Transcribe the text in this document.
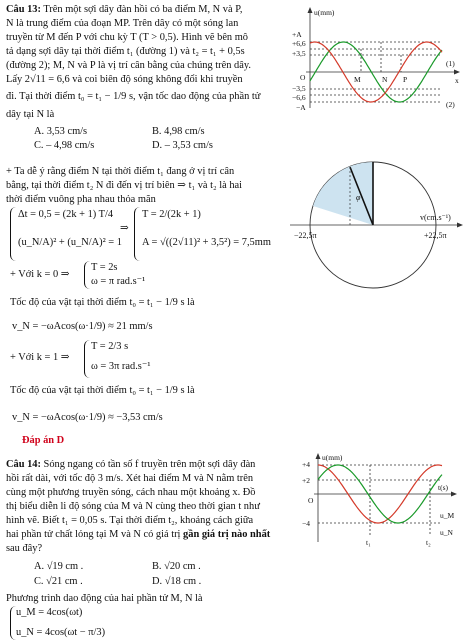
Câu 13: Trên một sợi dây đàn hồi có ba điểm M, N và P,
N là trung điểm của đoạn MP. Trên dây có một sóng lan
truyền từ M đến P với chu kỳ T (T > 0,5). Hình vẽ bên mô
tả dạng sợi dây tại thời điểm t₁ (đường 1) và t₂ = t₁ + 0,5s
(đường 2); M, N và P là vị trí cân bằng của chúng trên dây.
Lấy 2√11 = 6,6 và coi biên độ sóng không đổi khi truyền
đi. Tại thời điểm t₀ = t₁ − 1/9 s, vận tốc dao động của phần tử
dây tại N là
A. 3,53 cm/s	B. 4,98 cm/s
C. – 4,98 cm/s	D. – 3,53 cm/s
u(mm)
+A
+6,6
+3,5
O
−3,5
−6,6
−A
x
M	N P
(1)
(2)
+ Ta dễ ý rằng điểm N tại thời điểm t₁ đang ở vị trí cân
bằng, tại thời điểm t₂ N đi đến vị trí biên ⇒ t₁ và t₂ là hai
thời điểm vuông pha nhau thỏa mãn
Δt = 0,5 = (2k + 1) T/4
(u_N/A)² + (u_N/A)² = 1
⇒
T = 2/(2k + 1)
A = √((2√11)² + 3,5²) = 7,5mm
+ Với k = 0 ⇒
T = 2s
ω = π rad.s⁻¹
Tốc độ của vật tại thời điểm t₀ = t₁ − 1/9 s là
v_N = −ωAcos(ω·1/9) ≈ 21 mm/s
+ Với k = 1 ⇒
T = 2/3 s
ω = 3π rad.s⁻¹
Tốc độ của vật tại thời điểm t₀ = t₁ − 1/9 s là
v_N = −ωAcos(ω·1/9) ≈ −3,53 cm/s
Đáp án D
φ
−22,5π	+22,5π
v(cm.s⁻¹)
Câu 14: Sóng ngang có tần số f truyền trên một sợi dây đàn
hồi rất dài, với tốc độ 3 m/s. Xét hai điểm M và N nằm trên
cùng một phương truyền sóng, cách nhau một khoảng x. Đồ
thị biểu diễn li độ sóng của M và N cùng theo thời gian t như
hình vẽ. Biết t₁ = 0,05 s. Tại thời điểm t₂, khoảng cách giữa
hai phần tử chất lỏng tại M và N có giá trị gần giá trị nào nhất
sau đây?
A. √19 cm .	B. √20 cm .
C. √21 cm .	D. √18 cm .
Phương trình dao động của hai phần tử M, N là
u_M = 4cos(ωt)
u_N = 4cos(ωt − π/3)
u(mm)
+4
+2
O
−4
t(s)
t₁	t₂
u_M
u_N
